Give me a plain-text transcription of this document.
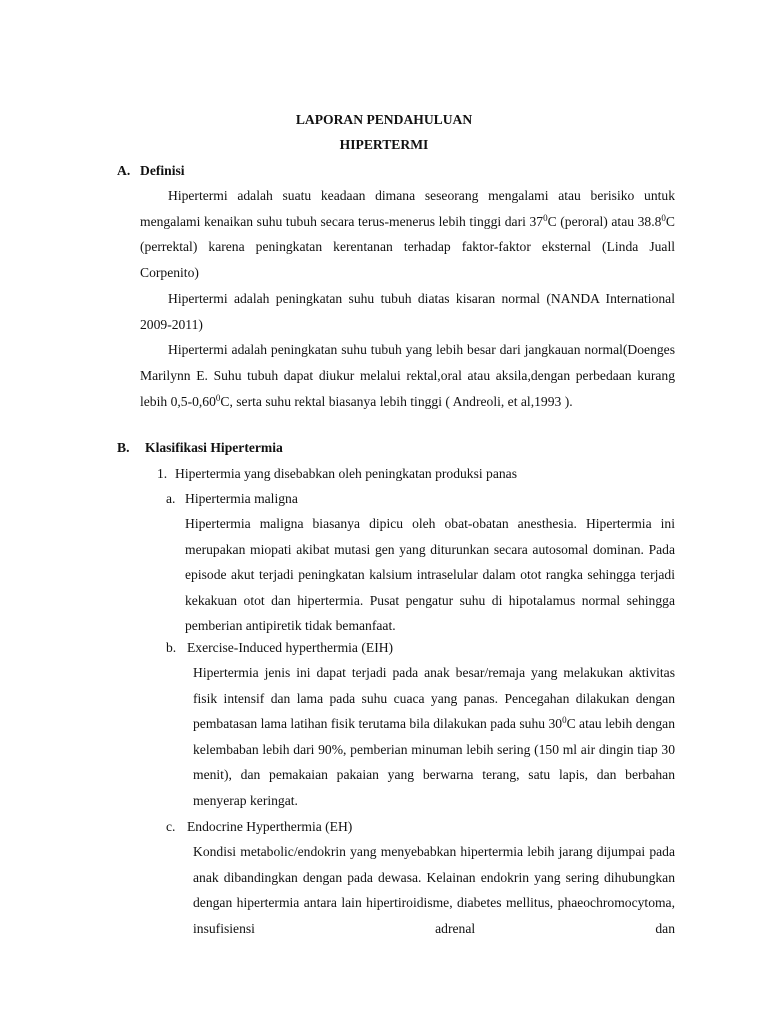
LAPORAN PENDAHULUAN
HIPERTERMI
A. Definisi

Hipertermi adalah suatu keadaan dimana seseorang mengalami atau berisiko untuk mengalami kenaikan suhu tubuh secara terus-menerus lebih tinggi dari $37^0C$ (peroral) atau 38.8$^0$C (perrektal) karena peningkatan kerentanan terhadap faktor-faktor eksternal (Linda Juall Corpenito)

Hipertermi adalah peningkatan suhu tubuh diatas kisaran normal (NANDA International 2009-2011)

Hipertermi adalah peningkatan suhu tubuh yang lebih besar dari jangkauan normal(Doenges Marilynn E. Suhu tubuh dapat diukur melalui rektal,oral atau aksila,dengan perbedaan kurang lebih 0,5-0,60$^0$C, serta suhu rektal biasanya lebih tinggi ( Andreoli, et al,1993 ).

B. Klasifikasi Hipertermia
1. Hipertermia yang disebabkan oleh peningkatan produksi panas
a. Hipertermia maligna

Hipertermia maligna biasanya dipicu oleh obat-obatan anesthesia. Hipertermia ini merupakan miopati akibat mutasi gen yang diturunkan secara autosomal dominan. Pada episode akut terjadi peningkatan kalsium intraselular dalam otot rangka sehingga terjadi kekakuan otot dan hipertermia. Pusat pengatur suhu di hipotalamus normal sehingga pemberian antipiretik tidak bemanfaat.

b. Exercise-Induced hyperthermia (EIH)

Hipertermia jenis ini dapat terjadi pada anak besar/remaja yang melakukan aktivitas fisik intensif dan lama pada suhu cuaca yang panas. Pencegahan dilakukan dengan pembatasan lama latihan fisik terutama bila dilakukan pada suhu $30^0C$ atau lebih dengan kelembaban lebih dari 90%, pemberian minuman lebih sering (150 ml air dingin tiap 30 menit), dan pemakaian pakaian yang berwarna terang, satu lapis, dan berbahan menyerap keringat.

c. Endocrine Hyperthermia (EH)

Kondisi metabolic/endokrin yang menyebabkan hipertermia lebih jarang dijumpai pada anak dibandingkan dengan pada dewasa. Kelainan endokrin yang sering dihubungkan dengan hipertermia antara lain hipertiroidisme, diabetes mellitus, phaeochromocytoma, insufisiensi adrenal dan
